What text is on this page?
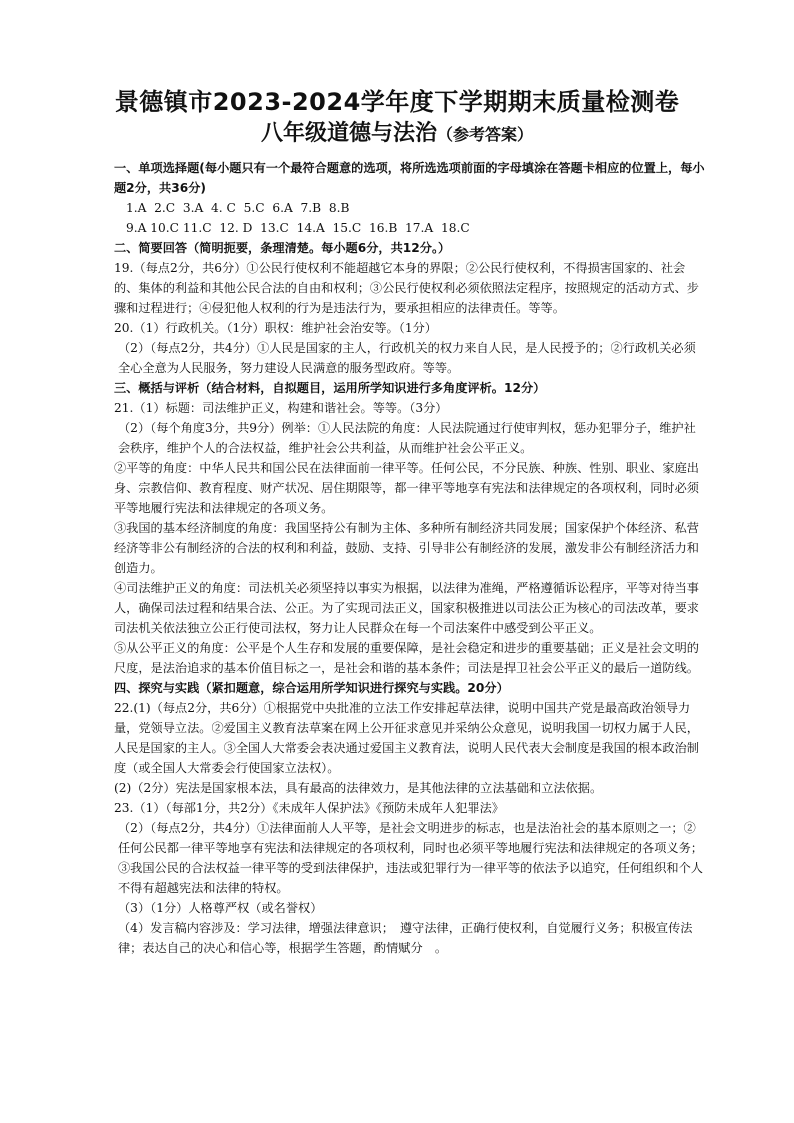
景德镇市2023-2024学年度下学期期末质量检测卷
八年级道德与法治（参考答案）

一、单项选择题(每小题只有一个最符合题意的选项，将所选选项前面的字母填涂在答题卡相应的位置上，每小题2分，共36分)

1.A  2.C  3.A  4. C  5.C  6.A  7.B  8.B

9.A 10.C 11.C  12. D  13.C  14.A  15.C  16.B  17.A  18.C

二、简要回答（简明扼要，条理清楚。每小题6分，共12分。）

19.（每点2分，共6分）①公民行使权利不能超越它本身的界限；②公民行使权利，不得损害国家的、社会的、集体的利益和其他公民合法的自由和权利；③公民行使权利必须依照法定程序，按照规定的活动方式、步骤和过程进行；④侵犯他人权利的行为是违法行为，要承担相应的法律责任。等等。

20.（1）行政机关。（1分）职权：维护社会治安等。（1分）

（2）（每点2分，共4分）①人民是国家的主人，行政机关的权力来自人民，是人民授予的；②行政机关必须全心全意为人民服务，努力建设人民满意的服务型政府。等等。

三、概括与评析（结合材料，自拟题目，运用所学知识进行多角度评析。12分）

21.（1）标题：司法维护正义，构建和谐社会。等等。（3分）

（2）（每个角度3分，共9分）例举：①人民法院的角度：人民法院通过行使审判权，惩办犯罪分子，维护社会秩序，维护个人的合法权益，维护社会公共利益，从而维护社会公平正义。

②平等的角度：中华人民共和国公民在法律面前一律平等。任何公民，不分民族、种族、性别、职业、家庭出身、宗教信仰、教育程度、财产状况、居住期限等，都一律平等地享有宪法和法律规定的各项权利，同时必须平等地履行宪法和法律规定的各项义务。

③我国的基本经济制度的角度：我国坚持公有制为主体、多种所有制经济共同发展；国家保护个体经济、私营经济等非公有制经济的合法的权利和利益，鼓励、支持、引导非公有制经济的发展，激发非公有制经济活力和创造力。

④司法维护正义的角度：司法机关必须坚持以事实为根据，以法律为准绳，严格遵循诉讼程序，平等对待当事人，确保司法过程和结果合法、公正。为了实现司法正义，国家积极推进以司法公正为核心的司法改革，要求司法机关依法独立公正行使司法权，努力让人民群众在每一个司法案件中感受到公平正义。

⑤从公平正义的角度：公平是个人生存和发展的重要保障，是社会稳定和进步的重要基础；正义是社会文明的尺度，是法治追求的基本价值目标之一，是社会和谐的基本条件；司法是捍卫社会公平正义的最后一道防线。

四、探究与实践（紧扣题意，综合运用所学知识进行探究与实践。20分）

22.(1)（每点2分，共6分）①根据党中央批准的立法工作安排起草法律，说明中国共产党是最高政治领导力量，党领导立法。②爱国主义教育法草案在网上公开征求意见并采纳公众意见，说明我国一切权力属于人民，人民是国家的主人。③全国人大常委会表决通过爱国主义教育法，说明人民代表大会制度是我国的根本政治制度（或全国人大常委会行使国家立法权）。

(2)（2分）宪法是国家根本法，具有最高的法律效力，是其他法律的立法基础和立法依据。

23.（1）（每部1分，共2分）《未成年人保护法》《预防未成年人犯罪法》

（2）（每点2分，共4分）①法律面前人人平等，是社会文明进步的标志，也是法治社会的基本原则之一；②任何公民都一律平等地享有宪法和法律规定的各项权利，同时也必须平等地履行宪法和法律规定的各项义务；③我国公民的合法权益一律平等的受到法律保护，违法或犯罪行为一律平等的依法予以追究，任何组织和个人不得有超越宪法和法律的特权。

（3）（1分）人格尊严权（或名誉权）

（4）发言稿内容涉及：学习法律，增强法律意识；　遵守法律，正确行使权利，自觉履行义务；积极宣传法律；表达自己的决心和信心等，根据学生答题，酌情赋分　。
